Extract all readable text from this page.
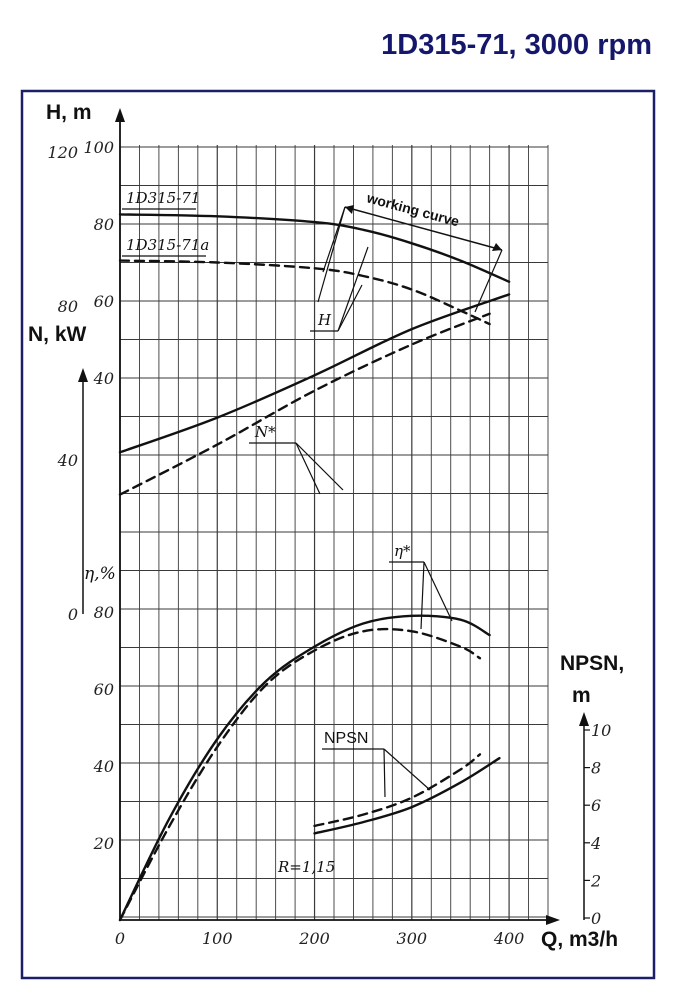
1D315-71, 3000 rpm
0	100	200	300	400
40
60
80
100
0
40
80
120
20
40
60
80
0
2
4
6
8
10
H, m
N, kW
η,%
Q, m3/h
NPSN,
m
1D315-71
1D315-71a
working curve
H
N*
η*
NPSN
R=1,15
